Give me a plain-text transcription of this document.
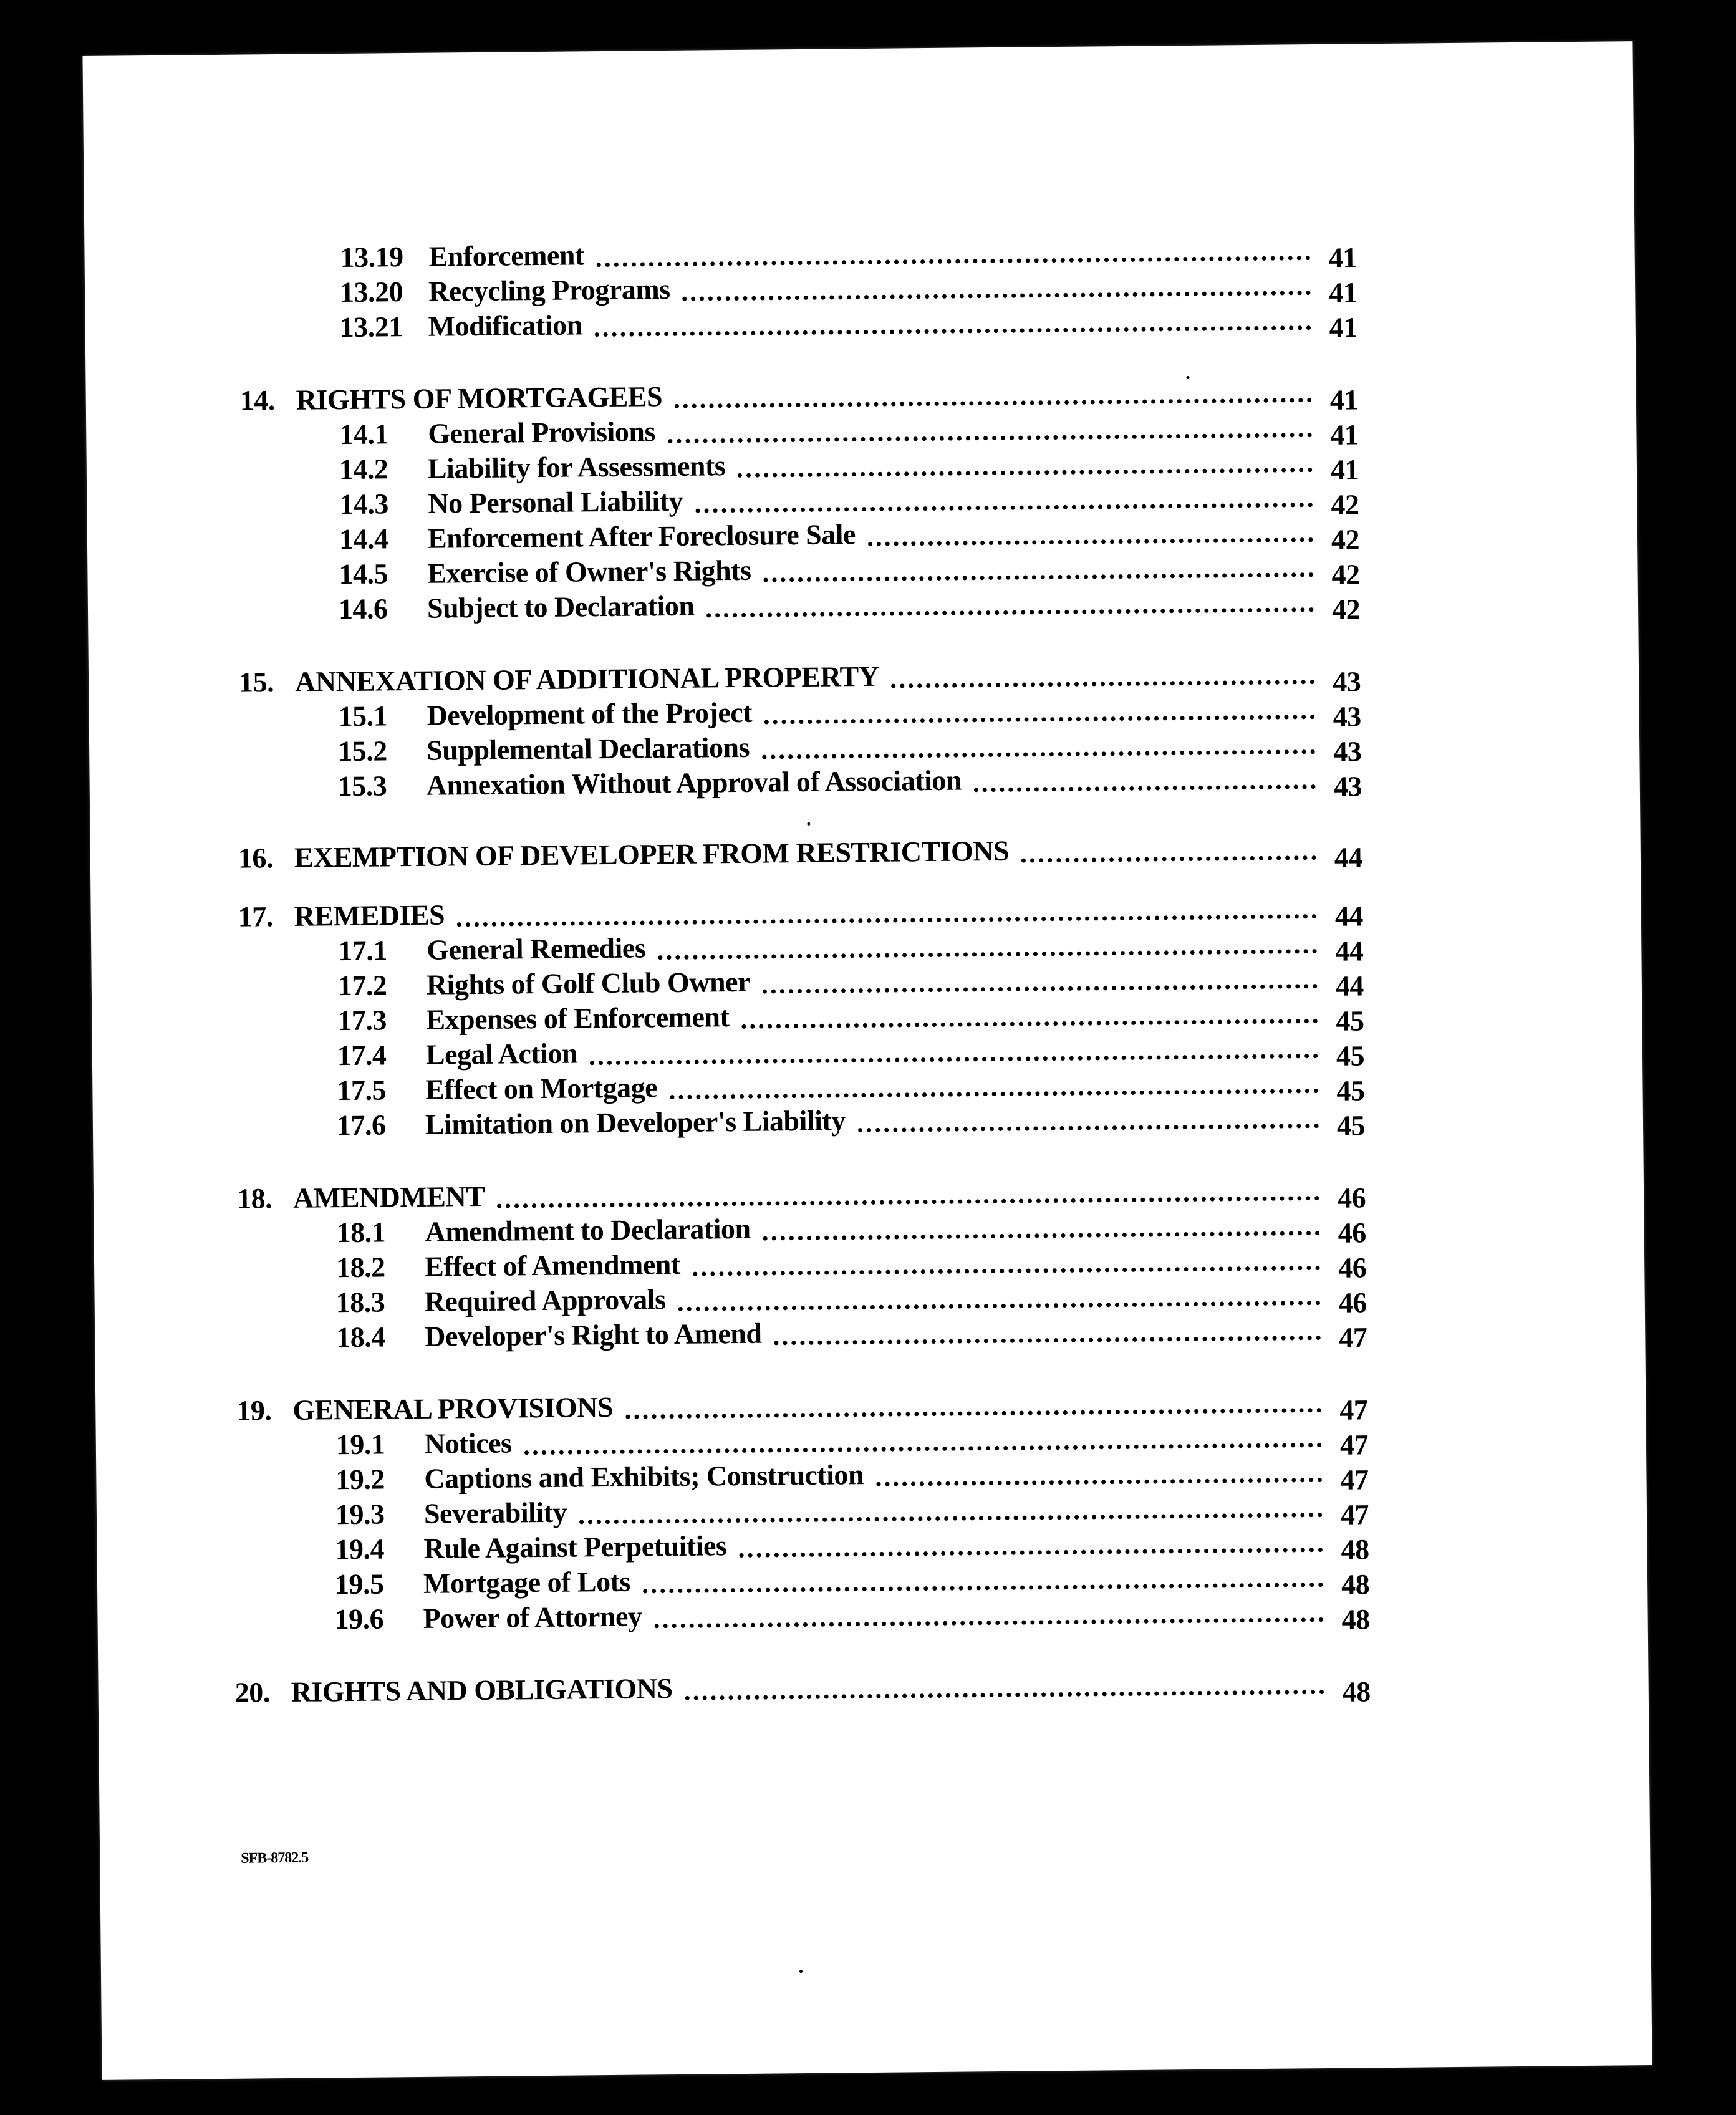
13.19 Enforcement	41
13.20 Recycling Programs	41
13.21 Modification	41
14. RIGHTS OF MORTGAGEES	41
14.1	General Provisions	41
14.2	Liability for Assessments	41
14.3	No Personal Liability	42
14.4	Enforcement After Foreclosure Sale	42
14.5	Exercise of Owner's Rights	42
14.6	Subject to Declaration	42
15. ANNEXATION OF ADDITIONAL PROPERTY	43
15.1	Development of the Project	43
15.2	Supplemental Declarations	43
15.3	Annexation Without Approval of Association	43
16. EXEMPTION OF DEVELOPER FROM RESTRICTIONS	44
17. REMEDIES	44
17.1	General Remedies	44
17.2	Rights of Golf Club Owner	44
17.3	Expenses of Enforcement	45
17.4	Legal Action	45
17.5	Effect on Mortgage	45
17.6	Limitation on Developer's Liability	45
18. AMENDMENT	46
18.1	Amendment to Declaration	46
18.2	Effect of Amendment	46
18.3	Required Approvals	46
18.4	Developer's Right to Amend	47
19. GENERAL PROVISIONS	47
19.1	Notices	47
19.2	Captions and Exhibits; Construction	47
19.3	Severability	47
19.4	Rule Against Perpetuities	48
19.5	Mortgage of Lots	48
19.6	Power of Attorney	48
20. RIGHTS AND OBLIGATIONS	48
SFB-8782.5
